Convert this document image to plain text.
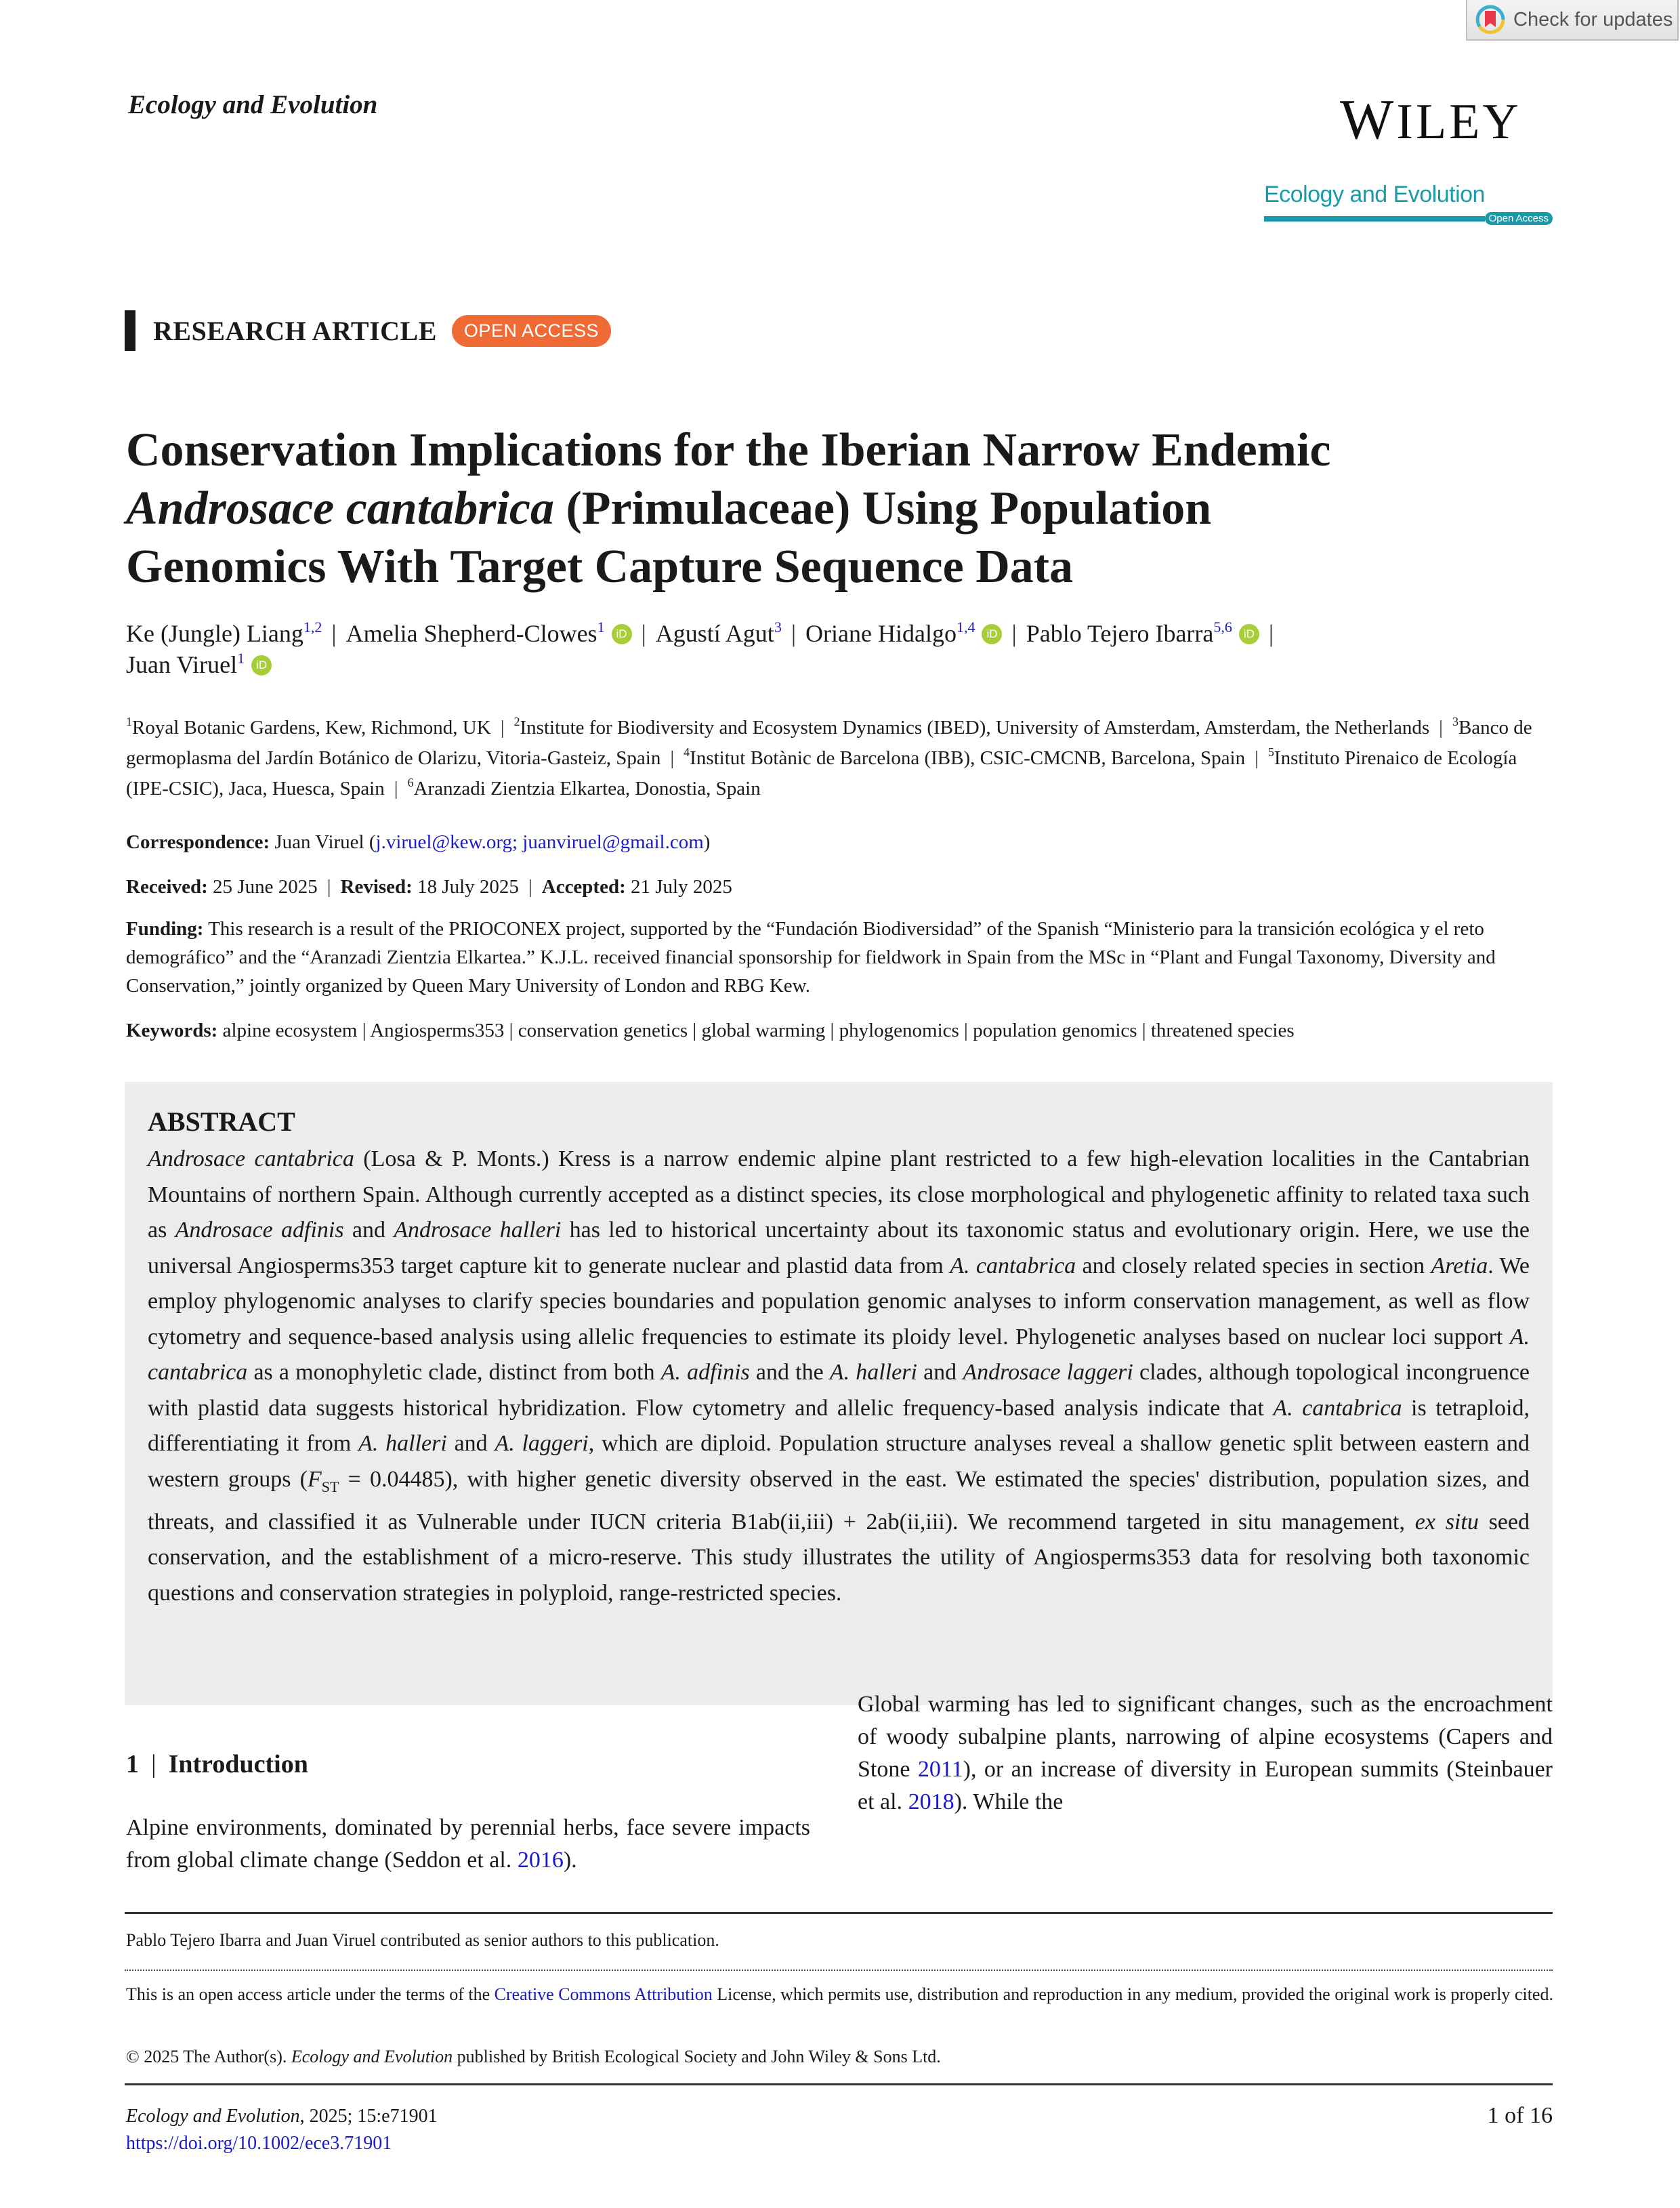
Check for updates
Ecology and Evolution	WILEY
Ecology and Evolution
Open Access
RESEARCH ARTICLE	OPEN ACCESS
Conservation Implications for the Iberian Narrow Endemic
Androsace cantabrica (Primulaceae) Using Population
Genomics With Target Capture Sequence Data
Ke (Jungle) Liang$^{1,2}$ | Amelia Shepherd-Clowes$^1$ iD | Agustí Agut$^3$ | Oriane Hidalgo$^{1,4}$ iD | Pablo Tejero Ibarra$^{5,6}$ iD |
Juan Viruel$^1$ iD
$^1$Royal Botanic Gardens, Kew, Richmond, UK | $^2$Institute for Biodiversity and Ecosystem Dynamics (IBED), University of Amsterdam, Amsterdam, the Netherlands | $^3$Banco de germoplasma del Jardín Botánico de Olarizu, Vitoria-Gasteiz, Spain | $^4$Institut Botànic de Barcelona (IBB), CSIC-CMCNB, Barcelona, Spain | $^5$Instituto Pirenaico de Ecología (IPE-CSIC), Jaca, Huesca, Spain | $^6$Aranzadi Zientzia Elkartea, Donostia, Spain
Correspondence: Juan Viruel (j.viruel@kew.org; juanviruel@gmail.com)
Received: 25 June 2025 | Revised: 18 July 2025 | Accepted: 21 July 2025
Funding: This research is a result of the PRIOCONEX project, supported by the “Fundación Biodiversidad” of the Spanish “Ministerio para la transición ecológica y el reto demográfico” and the “Aranzadi Zientzia Elkartea.” K.J.L. received financial sponsorship for fieldwork in Spain from the MSc in “Plant and Fungal Taxonomy, Diversity and Conservation,” jointly organized by Queen Mary University of London and RBG Kew.
Keywords: alpine ecosystem | Angiosperms353 | conservation genetics | global warming | phylogenomics | population genomics | threatened species
ABSTRACT

Androsace cantabrica (Losa & P. Monts.) Kress is a narrow endemic alpine plant restricted to a few high-elevation localities in the Cantabrian Mountains of northern Spain. Although currently accepted as a distinct species, its close morphological and phylogenetic affinity to related taxa such as Androsace adfinis and Androsace halleri has led to historical uncertainty about its taxonomic status and evolutionary origin. Here, we use the universal Angiosperms353 target capture kit to generate nuclear and plastid data from A. cantabrica and closely related species in section Aretia. We employ phylogenomic analyses to clarify species boundaries and population genomic analyses to inform conservation management, as well as flow cytometry and sequence-based analysis using allelic frequencies to estimate its ploidy level. Phylogenetic analyses based on nuclear loci support A. cantabrica as a monophyletic clade, distinct from both A. adfinis and the A. halleri and Androsace laggeri clades, although topological incongruence with plastid data suggests historical hybridization. Flow cytometry and allelic frequency-based analysis indicate that A. cantabrica is tetraploid, differentiating it from A. halleri and A. laggeri, which are diploid. Population structure analyses reveal a shallow genetic split between eastern and western groups $(F_{ST} = 0.04485)$, with higher genetic diversity observed in the east. We estimated the species' distribution, population sizes, and threats, and classified it as Vulnerable under IUCN criteria B1ab(ii,iii) + 2ab(ii,iii). We recommend targeted in situ management, ex situ seed conservation, and the establishment of a micro-reserve. This study illustrates the utility of Angiosperms353 data for resolving both taxonomic questions and conservation strategies in polyploid, range-restricted species.

1 | Introduction
Alpine environments, dominated by perennial herbs, face severe impacts from global climate change (Seddon et al. 2016).
Global warming has led to significant changes, such as the encroachment of woody subalpine plants, narrowing of alpine ecosystems (Capers and Stone 2011), or an increase of diversity in European summits (Steinbauer et al. 2018). While the
Pablo Tejero Ibarra and Juan Viruel contributed as senior authors to this publication.
This is an open access article under the terms of the Creative Commons Attribution License, which permits use, distribution and reproduction in any medium, provided the original work is properly cited.
© 2025 The Author(s). Ecology and Evolution published by British Ecological Society and John Wiley & Sons Ltd.
Ecology and Evolution, 2025; 15:e71901
https://doi.org/10.1002/ece3.71901
1 of 16
